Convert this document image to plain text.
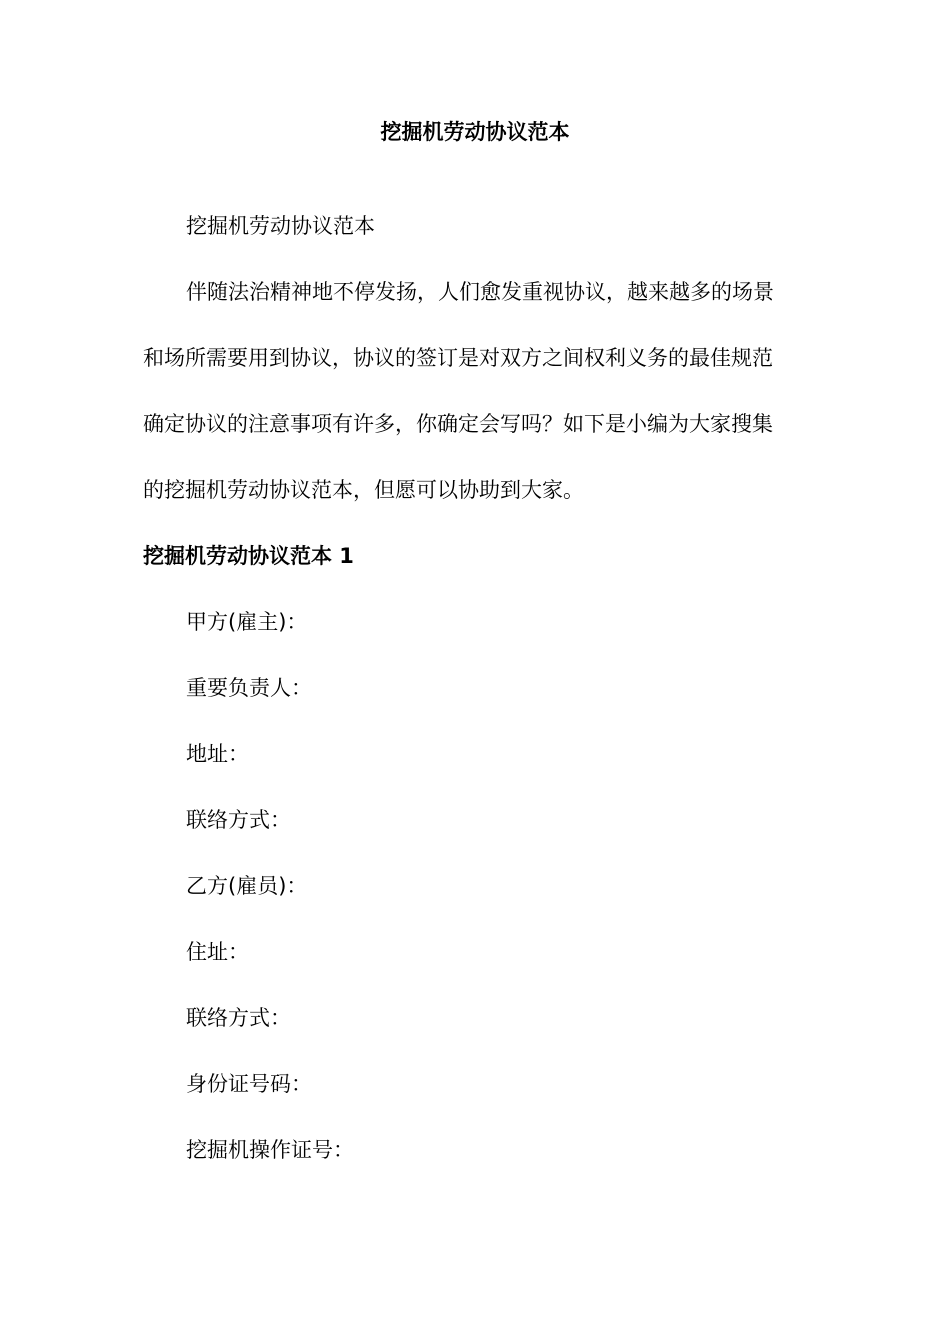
挖掘机劳动协议范本
挖掘机劳动协议范本
伴随法治精神地不停发扬，人们愈发重视协议，越来越多的场景
和场所需要用到协议，协议的签订是对双方之间权利义务的最佳规范
确定协议的注意事项有许多，你确定会写吗？如下是小编为大家搜集
的挖掘机劳动协议范本，但愿可以协助到大家。
挖掘机劳动协议范本 1
甲方(雇主)：
重要负责人：
地址：
联络方式：
乙方(雇员)：
住址：
联络方式：
身份证号码：
挖掘机操作证号：
